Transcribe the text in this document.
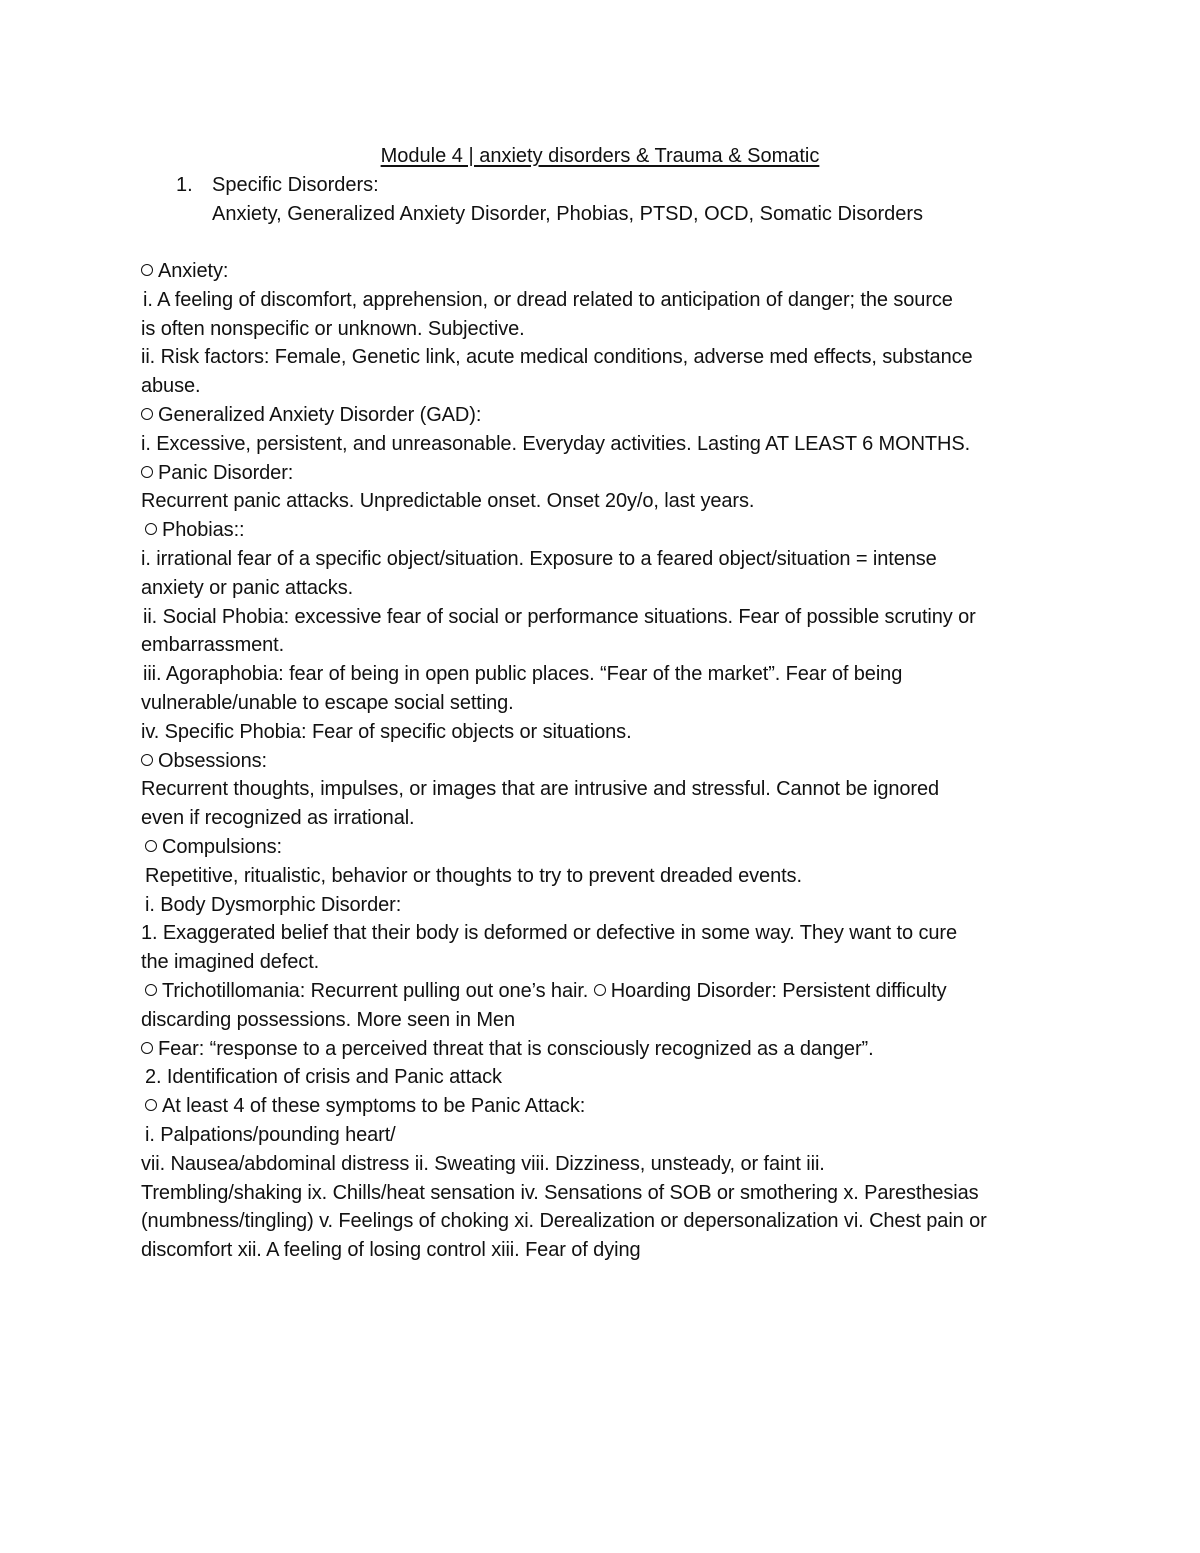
Module 4 | anxiety disorders & Trauma & Somatic
1. Specific Disorders:
Anxiety, Generalized Anxiety Disorder, Phobias, PTSD, OCD, Somatic Disorders
Anxiety:
i. A feeling of discomfort, apprehension, or dread related to anticipation of danger; the source
is often nonspecific or unknown. Subjective.
ii. Risk factors: Female, Genetic link, acute medical conditions, adverse med effects, substance
abuse.
Generalized Anxiety Disorder (GAD):
i. Excessive, persistent, and unreasonable. Everyday activities. Lasting AT LEAST 6 MONTHS.
Panic Disorder:
Recurrent panic attacks. Unpredictable onset. Onset 20y/o, last years.
Phobias::
i. irrational fear of a specific object/situation. Exposure to a feared object/situation = intense
anxiety or panic attacks.
ii. Social Phobia: excessive fear of social or performance situations. Fear of possible scrutiny or
embarrassment.
iii. Agoraphobia: fear of being in open public places. “Fear of the market”. Fear of being
vulnerable/unable to escape social setting.
iv. Specific Phobia: Fear of specific objects or situations.
Obsessions:
Recurrent thoughts, impulses, or images that are intrusive and stressful. Cannot be ignored
even if recognized as irrational.
Compulsions:
Repetitive, ritualistic, behavior or thoughts to try to prevent dreaded events.
i. Body Dysmorphic Disorder:
1. Exaggerated belief that their body is deformed or defective in some way. They want to cure
the imagined defect.
Trichotillomania: Recurrent pulling out one’s hair. Hoarding Disorder: Persistent difficulty
discarding possessions. More seen in Men
Fear: “response to a perceived threat that is consciously recognized as a danger”.
2. Identification of crisis and Panic attack
At least 4 of these symptoms to be Panic Attack:
i. Palpations/pounding heart/
vii. Nausea/abdominal distress ii. Sweating viii. Dizziness, unsteady, or faint iii.
Trembling/shaking ix. Chills/heat sensation iv. Sensations of SOB or smothering x. Paresthesias
(numbness/tingling) v. Feelings of choking xi. Derealization or depersonalization vi. Chest pain or
discomfort xii. A feeling of losing control xiii. Fear of dying
